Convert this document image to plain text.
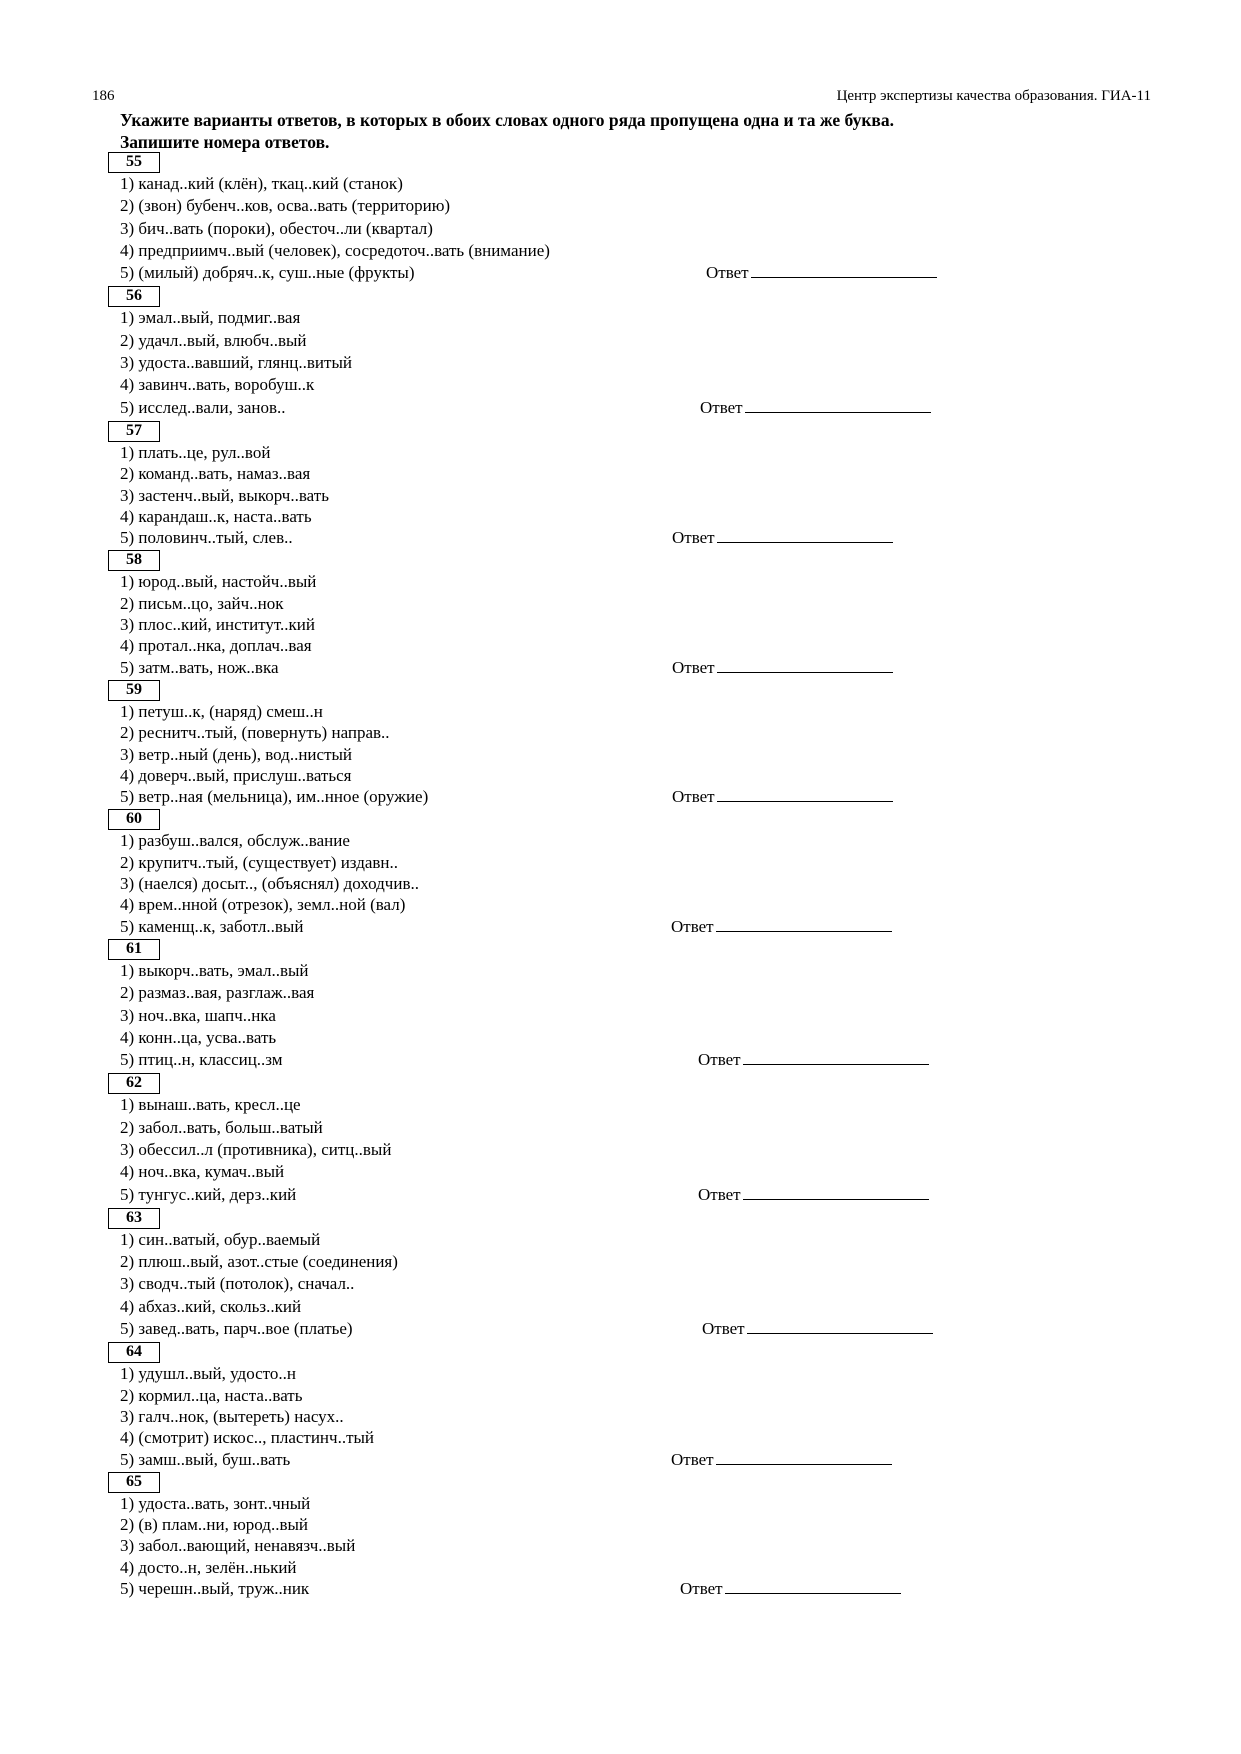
186	Центр экспертизы качества образования. ГИА-11
Укажите варианты ответов, в которых в обоих словах одного ряда пропущена одна и та же буква.
Запишите номера ответов.
55
1) канад..кий (клён), ткац..кий (станок)
2) (звон) бубенч..ков, осва..вать (территорию)
3) бич..вать (пороки), обесточ..ли (квартал)
4) предприимч..вый (человек), сосредоточ..вать (внимание)
5) (милый) добряч..к, суш..ные (фрукты)	Ответ
56
1) эмал..вый, подмиг..вая
2) удачл..вый, влюбч..вый
3) удоста..вавший, глянц..витый
4) завинч..вать, воробуш..к
5) исслед..вали, занов..	Ответ
57
1) плать..це, рул..вой
2) команд..вать, намаз..вая
3) застенч..вый, выкорч..вать
4) карандаш..к, наста..вать
5) половинч..тый, слев..	Ответ
58
1) юрод..вый, настойч..вый
2) письм..цо, зайч..нок
3) плос..кий, институт..кий
4) протал..нка, доплач..вая
5) затм..вать, нож..вка	Ответ
59
1) петуш..к, (наряд) смеш..н
2) реснитч..тый, (повернуть) направ..
3) ветр..ный (день), вод..нистый
4) доверч..вый, прислуш..ваться
5) ветр..ная (мельница), им..нное (оружие)	Ответ
60
1) разбуш..вался, обслуж..вание
2) крупитч..тый, (существует) издавн..
3) (наелся) досыт.., (объяснял) доходчив..
4) врем..нной (отрезок), земл..ной (вал)
5) каменщ..к, заботл..вый	Ответ
61
1) выкорч..вать, эмал..вый
2) размаз..вая, разглаж..вая
3) ноч..вка, шапч..нка
4) конн..ца, усва..вать
5) птиц..н, классиц..зм	Ответ
62
1) вынаш..вать, кресл..це
2) забол..вать, больш..ватый
3) обессил..л (противника), ситц..вый
4) ноч..вка, кумач..вый
5) тунгус..кий, дерз..кий	Ответ
63
1) син..ватый, обур..ваемый
2) плюш..вый, азот..стые (соединения)
3) сводч..тый (потолок), сначал..
4) абхаз..кий, скольз..кий
5) завед..вать, парч..вое (платье)	Ответ
64
1) удушл..вый, удосто..н
2) кормил..ца, наста..вать
3) галч..нок, (вытереть) насух..
4) (смотрит) искос.., пластинч..тый
5) замш..вый, буш..вать	Ответ
65
1) удоста..вать, зонт..чный
2) (в) плам..ни, юрод..вый
3) забол..вающий, ненавязч..вый
4) досто..н, зелён..нький
5) черешн..вый, труж..ник	Ответ
